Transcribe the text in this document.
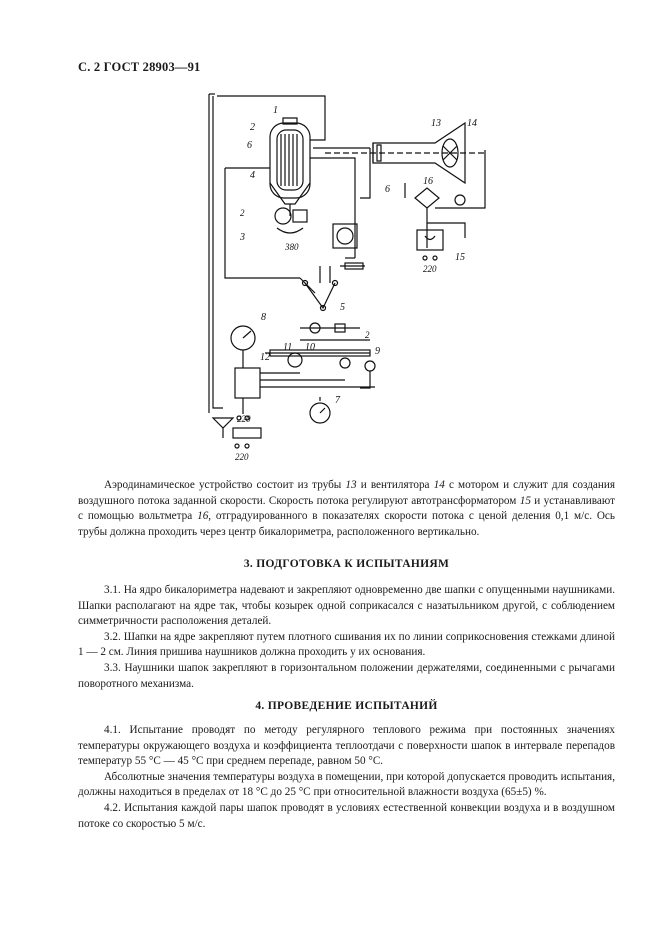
С. 2 ГОСТ 28903—91
1
2
6
4
3
2
380
6
5
2
8
12
11 10	9
7
220
220
13	14
16
15
220

Аэродинамическое устройство состоит из трубы 13 и вентилятора 14 с мотором и служит для создания воздушного потока заданной скорости. Скорость потока регулируют автотрансформатором 15 и устанавливают с помощью вольтметра 16, отградуированного в показателях скорости потока с ценой деления 0,1 м/с. Ось трубы должна проходить через центр бикалориметра, расположенного вертикально.

3. ПОДГОТОВКА К ИСПЫТАНИЯМ

3.1. На ядро бикалориметра надевают и закрепляют одновременно две шапки с опущенными наушниками. Шапки располагают на ядре так, чтобы козырек одной соприкасался с назатыльником другой, с соблюдением симметричности расположения деталей.

3.2. Шапки на ядре закрепляют путем плотного сшивания их по линии соприкосновения стежками длиной 1 — 2 см. Линия пришива наушников должна проходить у их основания.

3.3. Наушники шапок закрепляют в горизонтальном положении держателями, соединенными с рычагами поворотного механизма.

4. ПРОВЕДЕНИЕ ИСПЫТАНИЙ

4.1. Испытание проводят по методу регулярного теплового режима при постоянных значениях температуры окружающего воздуха и коэффициента теплоотдачи с поверхности шапок в интервале перепадов температур 55 °С — 45 °С при среднем перепаде, равном 50 °С.

Абсолютные значения температуры воздуха в помещении, при которой допускается проводить испытания, должны находиться в пределах от 18 °С до 25 °С при относительной влажности воздуха (65±5) %.

4.2. Испытания каждой пары шапок проводят в условиях естественной конвекции воздуха и в воздушном потоке со скоростью 5 м/с.
